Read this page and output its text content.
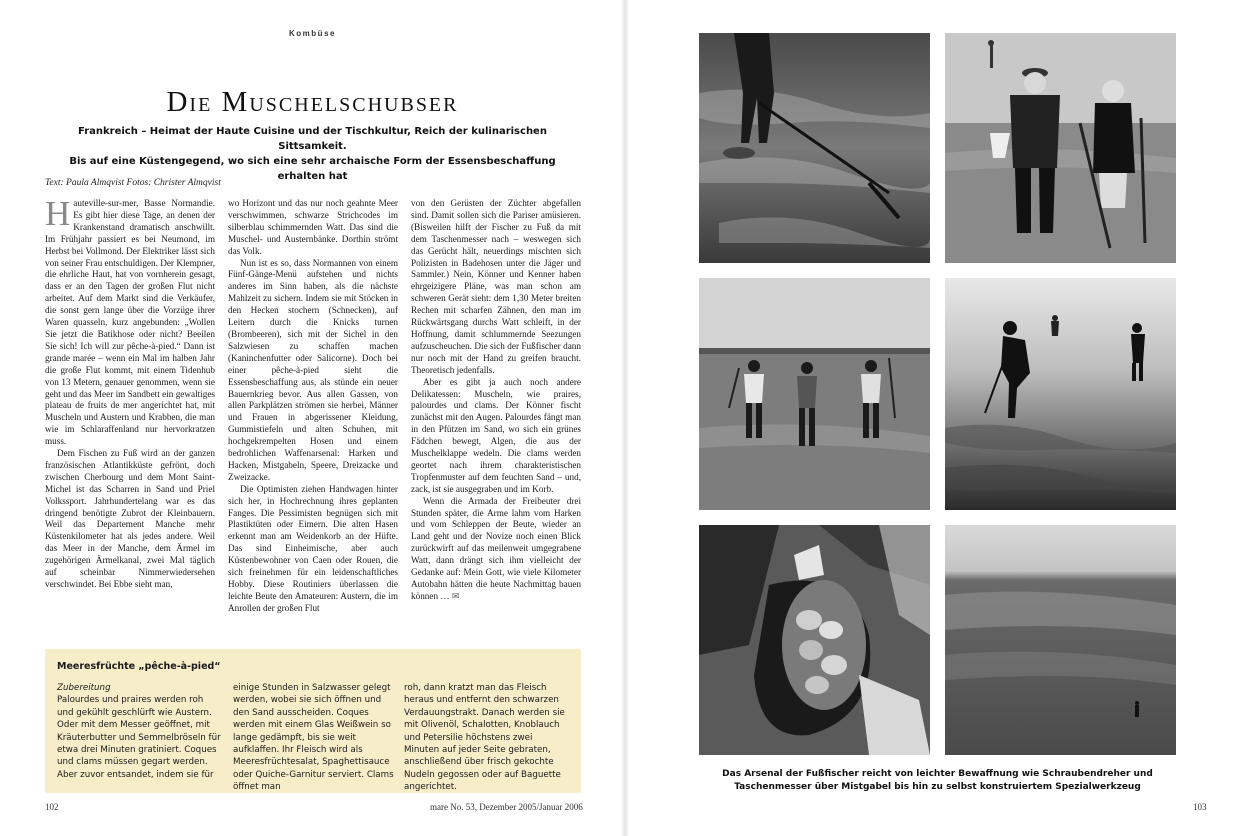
Kombüse
Die Muschelschubser
Frankreich – Heimat der Haute Cuisine und der Tischkultur, Reich der kulinarischen Sittsamkeit.
Bis auf eine Küstengegend, wo sich eine sehr archaische Form der Essensbeschaffung erhalten hat
Text: Paula Almqvist Fotos: Christer Almqvist

Hauteville-sur-mer, Basse Normandie. Es gibt hier diese Tage, an denen der Krankenstand dramatisch anschwillt. Im Frühjahr passiert es bei Neumond, im Herbst bei Vollmond. Der Elektriker lässt sich von seiner Frau entschuldigen. Der Klempner, die ehrliche Haut, hat von vornherein gesagt, dass er an den Tagen der großen Flut nicht arbeitet. Auf dem Markt sind die Verkäufer, die sonst gern lange über die Vorzüge ihrer Waren quasseln, kurz angebunden: „Wollen Sie jetzt die Batikhose oder nicht? Beeilen Sie sich! Ich will zur pêche-à-pied.“ Dann ist grande marée – wenn ein Mal im halben Jahr die große Flut kommt, mit einem Tidenhub von 13 Metern, genauer genommen, wenn sie geht und das Meer im Sandbett ein gewaltiges plateau de fruits de mer angerichtet hat, mit Muscheln und Austern und Krabben, die man wie im Schlaraffenland nur hervorkratzen muss.

Dem Fischen zu Fuß wird an der ganzen französischen Atlantikküste gefrönt, doch zwischen Cherbourg und dem Mont Saint-Michel ist das Scharren in Sand und Priel Volkssport. Jahrhundertelang war es das dringend benötigte Zubrot der Kleinbauern. Weil das Departement Manche mehr Küstenkilometer hat als jedes andere. Weil das Meer in der Manche, dem Ärmel im zugehörigen Ärmelkanal, zwei Mal täglich auf scheinbar Nimmerwiedersehen verschwindet. Bei Ebbe sieht man,

wo Horizont und das nur noch geahnte Meer verschwimmen, schwarze Strichcodes im silberblau schimmernden Watt. Das sind die Muschel- und Austernbänke. Dorthin strömt das Volk.

Nun ist es so, dass Normannen von einem Fünf-Gänge-Menü aufstehen und nichts anderes im Sinn haben, als die nächste Mahlzeit zu sichern. Indem sie mit Stöcken in den Hecken stochern (Schnecken), auf Leitern durch die Knicks turnen (Brombeeren), sich mit der Sichel in den Salzwiesen zu schaffen machen (Kaninchenfutter oder Salicorne). Doch bei einer pêche-à-pied sieht die Essensbeschaffung aus, als stünde ein neuer Bauernkrieg bevor. Aus allen Gassen, von allen Parkplätzen strömen sie herbei, Männer und Frauen in abgerissener Kleidung, Gummistiefeln und alten Schuhen, mit hochgekrempelten Hosen und einem bedrohlichen Waffenarsenal: Harken und Hacken, Mistgabeln, Speere, Dreizacke und Zweizacke.

Die Optimisten ziehen Handwagen hinter sich her, in Hochrechnung ihres geplanten Fanges. Die Pessimisten begnügen sich mit Plastiktüten oder Eimern. Die alten Hasen erkennt man am Weidenkorb an der Hüfte. Das sind Einheimische, aber auch Küstenbewohner von Caen oder Rouen, die sich freinehmen für ein leidenschaftliches Hobby. Diese Routiniers überlassen die leichte Beute den Amateuren: Austern, die im Anrollen der großen Flut

von den Gerüsten der Züchter abgefallen sind. Damit sollen sich die Pariser amüsieren. (Bisweilen hilft der Fischer zu Fuß da mit dem Taschenmesser nach – weswegen sich das Gerücht hält, neuerdings mischten sich Polizisten in Badehosen unter die Jäger und Sammler.) Nein, Könner und Kenner haben ehrgeizigere Pläne, was man schon am schweren Gerät sieht: dem 1,30 Meter breiten Rechen mit scharfen Zähnen, den man im Rückwärtsgang durchs Watt schleift, in der Hoffnung, damit schlummernde Seezungen aufzuscheuchen. Die sich der Fußfischer dann nur noch mit der Hand zu greifen braucht. Theoretisch jedenfalls.

Aber es gibt ja auch noch andere Delikatessen: Muscheln, wie praires, palourdes und clams. Der Könner fischt zunächst mit den Augen. Palourdes fängt man in den Pfützen im Sand, wo sich ein grünes Fädchen bewegt, Algen, die aus der Muschelklappe wedeln. Die clams werden geortet nach ihrem charakteristischen Tropfenmuster auf dem feuchten Sand – und, zack, ist sie ausgegraben und im Korb.

Wenn die Armada der Freibeuter drei Stunden später, die Arme lahm vom Harken und vom Schleppen der Beute, wieder an Land geht und der Novize noch einen Blick zurückwirft auf das meilenweit umgegrabene Watt, dann drängt sich ihm vielleicht der Gedanke auf: Mein Gott, wie viele Kilometer Autobahn hätten die heute Nachmittag bauen können … ✉

Meeresfrüchte „pêche-à-pied“
Zubereitung
Palourdes und praires werden roh und gekühlt geschlürft wie Austern. Oder mit dem Messer geöffnet, mit Kräuterbutter und Semmelbröseln für etwa drei Minuten gratiniert. Coques und clams müssen gegart werden. Aber zuvor entsandet, indem sie für
einige Stunden in Salzwasser gelegt werden, wobei sie sich öffnen und den Sand ausscheiden. Coques werden mit einem Glas Weißwein so lange gedämpft, bis sie weit aufklaffen. Ihr Fleisch wird als Meeresfrüchtesalat, Spaghettisauce oder Quiche-Garnitur serviert. Clams öffnet man
roh, dann kratzt man das Fleisch heraus und entfernt den schwarzen Verdauungstrakt. Danach werden sie mit Olivenöl, Schalotten, Knoblauch und Petersilie höchstens zwei Minuten auf jeder Seite gebraten, anschließend über frisch gekochte Nudeln gegossen oder auf Baguette angerichtet.
102	mare No. 53, Dezember 2005/Januar 2006
Das Arsenal der Fußfischer reicht von leichter Bewaffnung wie Schraubendreher und
Taschenmesser über Mistgabel bis hin zu selbst konstruiertem Spezialwerkzeug
103
